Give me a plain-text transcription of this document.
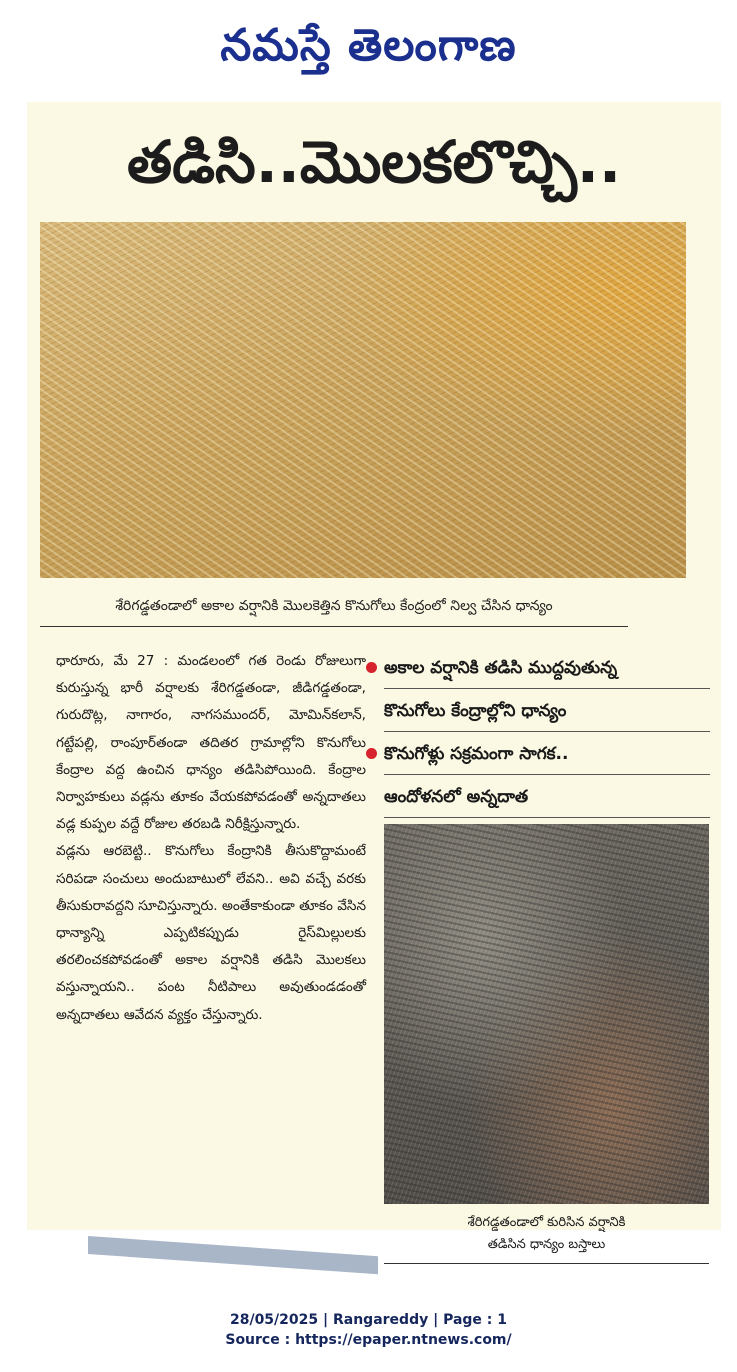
నమస్తే తెలంగాణ
తడిసి..మొలకలొచ్చి..
శేరిగడ్డతండాలో అకాల వర్షానికి మొలకెత్తిన కొనుగోలు కేంద్రంలో నిల్వ చేసిన ధాన్యం

ధారూరు, మే 27 : మండలంలో గత రెండు రోజులుగా కురుస్తున్న భారీ వర్షాలకు శేరిగడ్డతండా, జీడిగడ్డతండా, గురుదొట్ల, నాగారం, నాగసముందర్, మోమిన్‌కలాన్, గట్టేపల్లి, రాంపూర్‌తండా తదితర గ్రామాల్లోని కొనుగోలు కేంద్రాల వద్ద ఉంచిన ధాన్యం తడిసిపోయింది. కేంద్రాల నిర్వాహకులు వడ్లను తూకం వేయకపోవడంతో అన్నదాతలు వడ్ల కుప్పల వద్దే రోజుల తరబడి నిరీక్షిస్తున్నారు.

వడ్లను ఆరబెట్టి.. కొనుగోలు కేంద్రానికి తీసుకొద్దామంటే సరిపడా సంచులు అందుబాటులో లేవని.. అవి వచ్చే వరకు తీసుకురావద్దని సూచిస్తున్నారు. అంతేకాకుండా తూకం వేసిన ధాన్యాన్ని ఎప్పటికప్పుడు రైస్‌మిల్లులకు తరలించకపోవడంతో అకాల వర్షానికి తడిసి మొలకలు వస్తున్నాయని.. పంట నీటిపాలు అవుతుండడంతో అన్నదాతలు ఆవేదన వ్యక్తం చేస్తున్నారు.

అకాల వర్షానికి తడిసి ముద్దవుతున్న
కొనుగోలు కేంద్రాల్లోని ధాన్యం
కొనుగోళ్లు సక్రమంగా సాగక..
ఆందోళనలో అన్నదాత
శేరిగడ్డతండాలో కురిసిన వర్షానికి
తడిసిన ధాన్యం బస్తాలు
28/05/2025 | Rangareddy | Page : 1
Source : https://epaper.ntnews.com/
